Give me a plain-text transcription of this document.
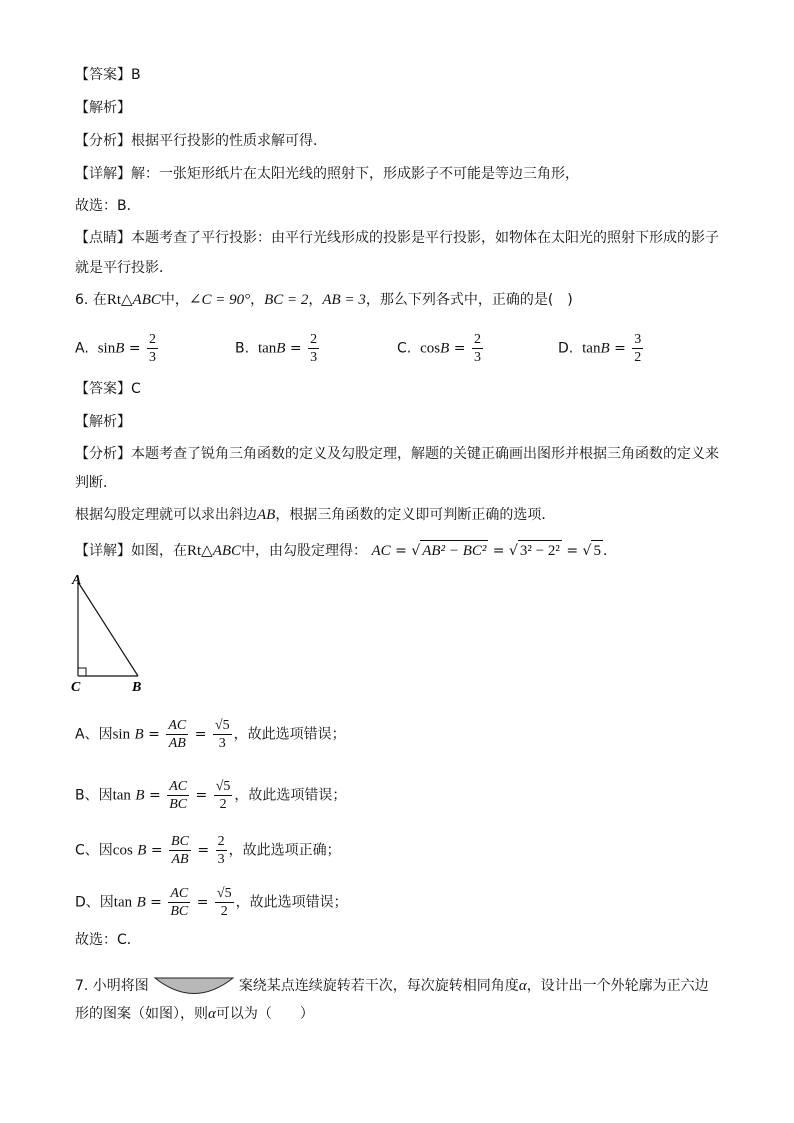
【答案】B
【解析】
【分析】根据平行投影的性质求解可得．
【详解】解：一张矩形纸片在太阳光线的照射下，形成影子不可能是等边三角形，
故选：B．
【点睛】本题考查了平行投影：由平行光线形成的投影是平行投影，如物体在太阳光的照射下形成的影子
就是平行投影．
6. 在Rt△ABC中，∠C = 90°，BC = 2，AB = 3，那么下列各式中，正确的是(　)
A. $\sin B = \frac{2}{3}$	B. $\tan B = \frac{2}{3}$	C. $\cos B = \frac{2}{3}$	D. $\tan B = \frac{3}{2}$
【答案】C
【解析】
【分析】本题考查了锐角三角函数的定义及勾股定理，解题的关键正确画出图形并根据三角函数的定义来
判断．
根据勾股定理就可以求出斜边AB，根据三角函数的定义即可判断正确的选项．
【详解】如图，在Rt△ABC中，由勾股定理得： AC = √ AB² − BC² = √ 3² − 2² = √ 5 ．
A
C	B
A、因$\sin B = \frac{AC}{AB} = \frac{√5}{3}$ ，故此选项错误；
B、因$\tan B = \frac{AC}{BC} = \frac{√5}{2}$ ，故此选项错误；
C、因$\cos B = \frac{BC}{AB} = \frac{2}{3}$ ，故此选项正确；
D、因$\tan B = \frac{AC}{BC} = \frac{√5}{2}$ ，故此选项错误；
故选：C．
7. 小明将图	案绕某点连续旋转若干次，每次旋转相同角度α，设计出一个外轮廓为正六边
形的图案（如图），则α可以为（　　）
